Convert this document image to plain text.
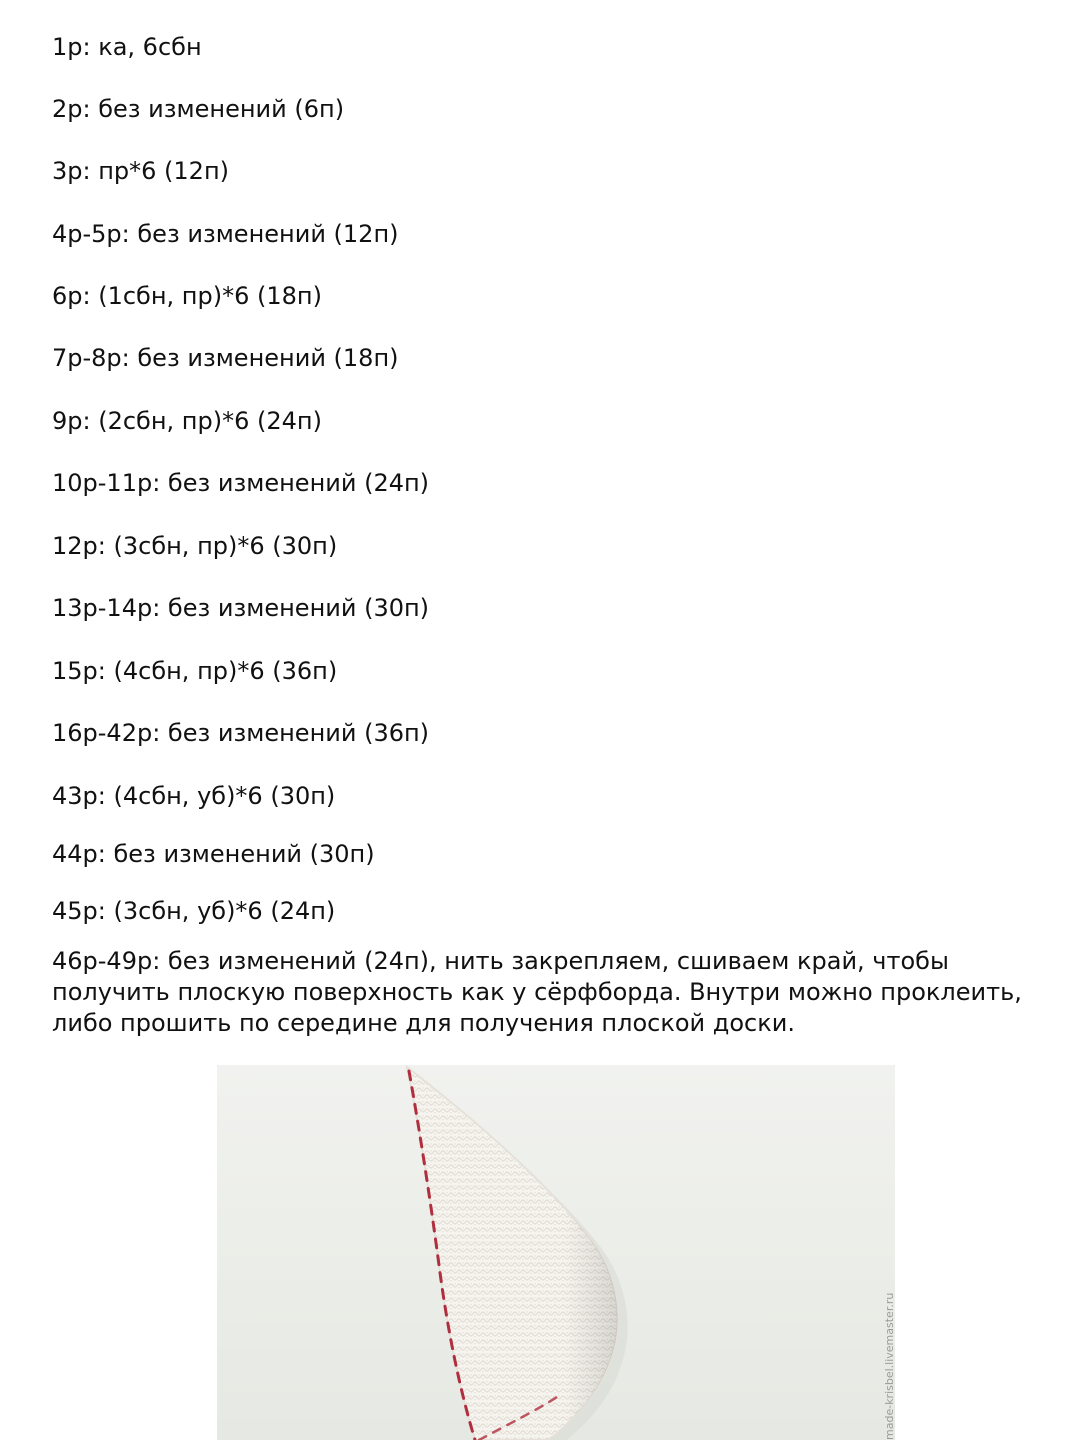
1р: ка, 6сбн
2р: без изменений (6п)
3р: пр*6 (12п)
4р-5р: без изменений (12п)
6р: (1сбн, пр)*6 (18п)
7р-8р: без изменений (18п)
9р: (2сбн, пр)*6 (24п)
10р-11р: без изменений (24п)
12р: (3сбн, пр)*6 (30п)
13р-14р: без изменений (30п)
15р: (4сбн, пр)*6 (36п)
16р-42р: без изменений (36п)
43р: (4сбн, уб)*6 (30п)
44р: без изменений (30п)
45р: (3сбн, уб)*6 (24п)
46р-49р: без изменений (24п), нить закрепляем, сшиваем край, чтобы
получить плоскую поверхность как у сёрфборда. Внутри можно проклеить,
либо прошить по середине для получения плоской доски.
made-krisbel.livemaster.ru
